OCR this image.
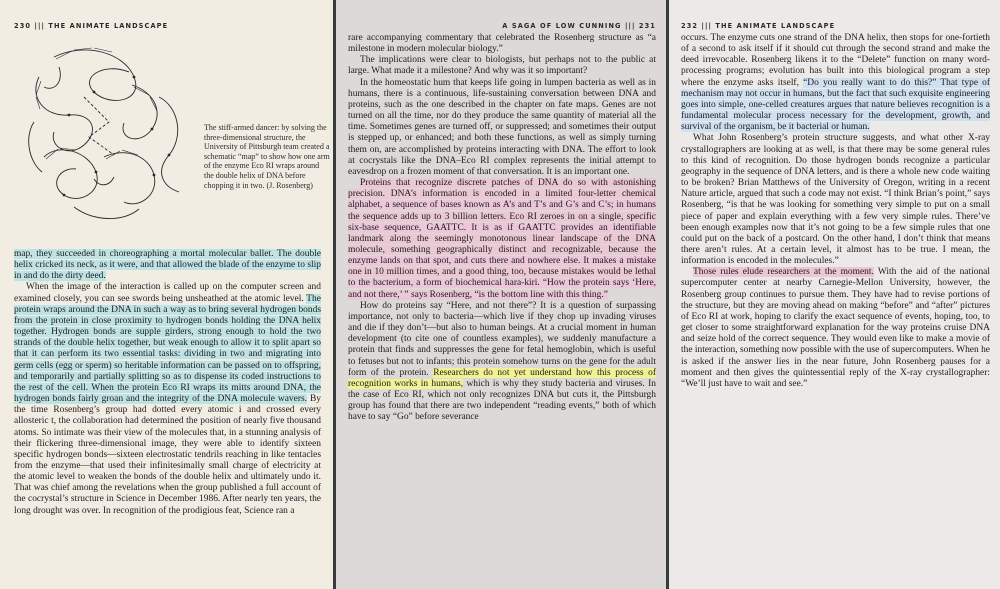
230 ||| THE ANIMATE LANDSCAPE
The stiff-armed dancer: by solving the three-dimensional structure, the University of Pittsburgh team created a schematic “map” to show how one arm of the enzyme Eco RI wraps around the double helix of DNA before chopping it in two. (J. Rosenberg)

map, they succeeded in choreographing a mortal molecular ballet. The double helix cricked its neck, as it were, and that allowed the blade of the enzyme to slip in and do the dirty deed.

When the image of the interaction is called up on the computer screen and examined closely, you can see swords being unsheathed at the atomic level. The protein wraps around the DNA in such a way as to bring several hydrogen bonds from the protein in close proximity to hydrogen bonds holding the DNA helix together. Hydrogen bonds are supple girders, strong enough to hold the two strands of the double helix together, but weak enough to allow it to split apart so that it can perform its two essential tasks: dividing in two and migrating into germ cells (egg or sperm) so heritable information can be passed on to offspring, and temporarily and partially splitting so as to dispense its coded instructions to the rest of the cell. When the protein Eco RI wraps its mitts around DNA, the hydrogen bonds fairly groan and the integrity of the DNA molecule wavers. By the time Rosenberg’s group had dotted every atomic i and crossed every allosteric t, the collaboration had determined the position of nearly five thousand atoms. So intimate was their view of the molecules that, in a stunning analysis of their flickering three-dimensional image, they were able to identify sixteen specific hydrogen bonds—sixteen electrostatic tendrils reaching in like tentacles from the enzyme—that used their infinitesimally small charge of electricity at the atomic level to weaken the bonds of the double helix and ultimately undo it. That was chief among the revelations when the group published a full account of the cocrystal’s structure in Science in December 1986. After nearly ten years, the long drought was over. In recognition of the prodigious feat, Science ran a

A SAGA OF LOW CUNNING ||| 231

rare accompanying commentary that celebrated the Rosenberg structure as “a milestone in modern molecular biology.”

The implications were clear to biologists, but perhaps not to the public at large. What made it a milestone? And why was it so important?

In the homeostatic hum that keeps life going in lumpen bacteria as well as in humans, there is a continuous, life-sustaining conversation between DNA and proteins, such as the one described in the chapter on fate maps. Genes are not turned on all the time, nor do they produce the same quantity of material all the time. Sometimes genes are turned off, or suppressed; and sometimes their output is stepped up, or enhanced; and both these functions, as well as simply turning them on, are accomplished by proteins interacting with DNA. The effort to look at cocrystals like the DNA–Eco RI complex represents the initial attempt to eavesdrop on a frozen moment of that conversation. It is an important one.

Proteins that recognize discrete patches of DNA do so with astonishing precision. DNA’s information is encoded in a limited four-letter chemical alphabet, a sequence of bases known as A’s and T’s and G’s and C’s; in humans the sequence adds up to 3 billion letters. Eco RI zeroes in on a single, specific six-base sequence, GAATTC. It is as if GAATTC provides an identifiable landmark along the seemingly monotonous linear landscape of the DNA molecule, something geographically distinct and recognizable, because the enzyme lands on that spot, and cuts there and nowhere else. It makes a mistake one in 10 million times, and a good thing, too, because mistakes would be lethal to the bacterium, a form of biochemical hara-kiri. “How the protein says ‘Here, and not there,’ ” says Rosenberg, “is the bottom line with this thing.”

How do proteins say “Here, and not there”? It is a question of surpassing importance, not only to bacteria—which live if they chop up invading viruses and die if they don’t—but also to human beings. At a crucial moment in human development (to cite one of countless examples), we suddenly manufacture a protein that finds and suppresses the gene for fetal hemoglobin, which is useful to fetuses but not to infants; this protein somehow turns on the gene for the adult form of the protein. Researchers do not yet understand how this process of recognition works in humans, which is why they study bacteria and viruses. In the case of Eco RI, which not only recognizes DNA but cuts it, the Pittsburgh group has found that there are two independent “reading events,” both of which have to say “Go” before severance

232 ||| THE ANIMATE LANDSCAPE

occurs. The enzyme cuts one strand of the DNA helix, then stops for one-fortieth of a second to ask itself if it should cut through the second strand and make the deed irrevocable. Rosenberg likens it to the “Delete” function on many word-processing programs; evolution has built into this biological program a step where the enzyme asks itself, “Do you really want to do this?” That type of mechanism may not occur in humans, but the fact that such exquisite engineering goes into simple, one-celled creatures argues that nature believes recognition is a fundamental molecular process necessary for the development, growth, and survival of the organism, be it bacterial or human.

What John Rosenberg’s protein structure suggests, and what other X-ray crystallographers are looking at as well, is that there may be some general rules to this kind of recognition. Do those hydrogen bonds recognize a particular geography in the sequence of DNA letters, and is there a whole new code waiting to be broken? Brian Matthews of the University of Oregon, writing in a recent Nature article, argued that such a code may not exist. “I think Brian’s point,” says Rosenberg, “is that he was looking for something very simple to put on a small piece of paper and explain everything with a few very simple rules. There’ve been enough examples now that it’s not going to be a few simple rules that one could put on the back of a postcard. On the other hand, I don’t think that means there aren’t rules. At a certain level, it almost has to be true. I mean, the information is encoded in the molecules.”

Those rules elude researchers at the moment. With the aid of the national supercomputer center at nearby Carnegie-Mellon University, however, the Rosenberg group continues to pursue them. They have had to revise portions of the structure, but they are moving ahead on making “before” and “after” pictures of Eco RI at work, hoping to clarify the exact sequence of events, hoping, too, to get closer to some straightforward explanation for the way proteins cruise DNA and seize hold of the correct sequence. They would even like to make a movie of the interaction, something now possible with the use of supercomputers. When he is asked if the answer lies in the near future, John Rosenberg pauses for a moment and then gives the quintessential reply of the X-ray crystallographer: “We’ll just have to wait and see.”
